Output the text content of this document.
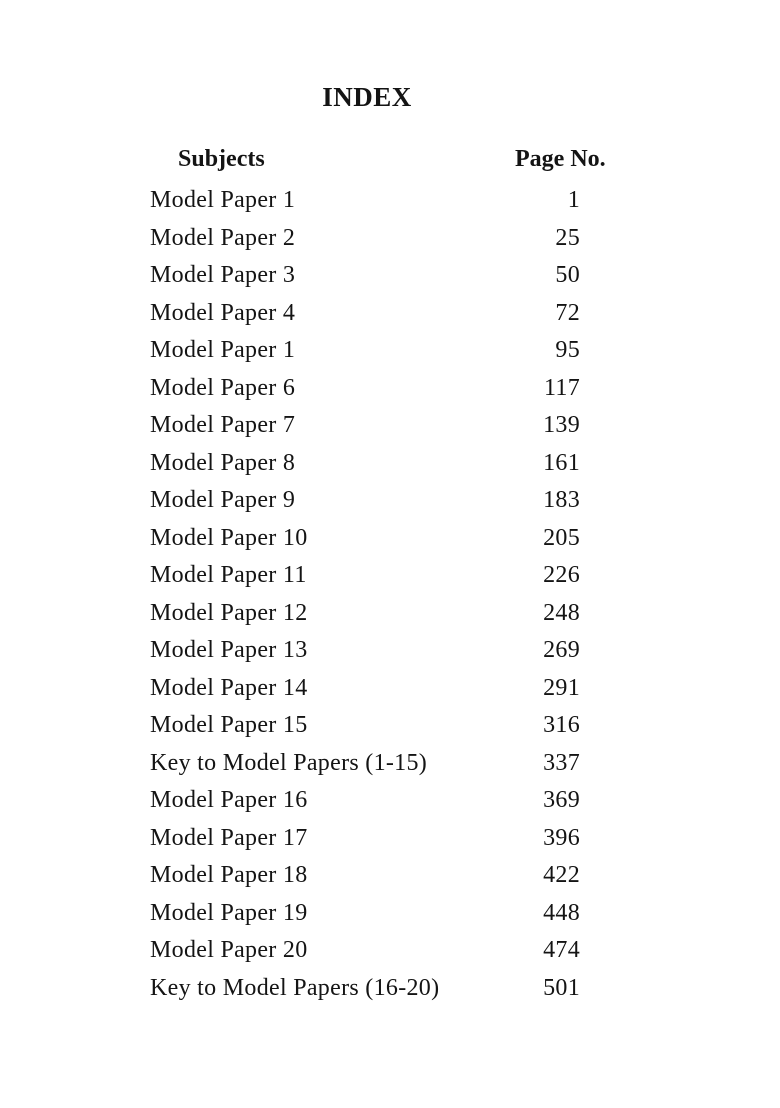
INDEX
Subjects	Page No.
Model Paper 1	1
Model Paper 2	25
Model Paper 3	50
Model Paper 4	72
Model Paper 1	95
Model Paper 6	117
Model Paper 7	139
Model Paper 8	161
Model Paper 9	183
Model Paper 10	205
Model Paper 11	226
Model Paper 12	248
Model Paper 13	269
Model Paper 14	291
Model Paper 15	316
Key to Model Papers (1-15)	337
Model Paper 16	369
Model Paper 17	396
Model Paper 18	422
Model Paper 19	448
Model Paper 20	474
Key to Model Papers (16-20)	501
